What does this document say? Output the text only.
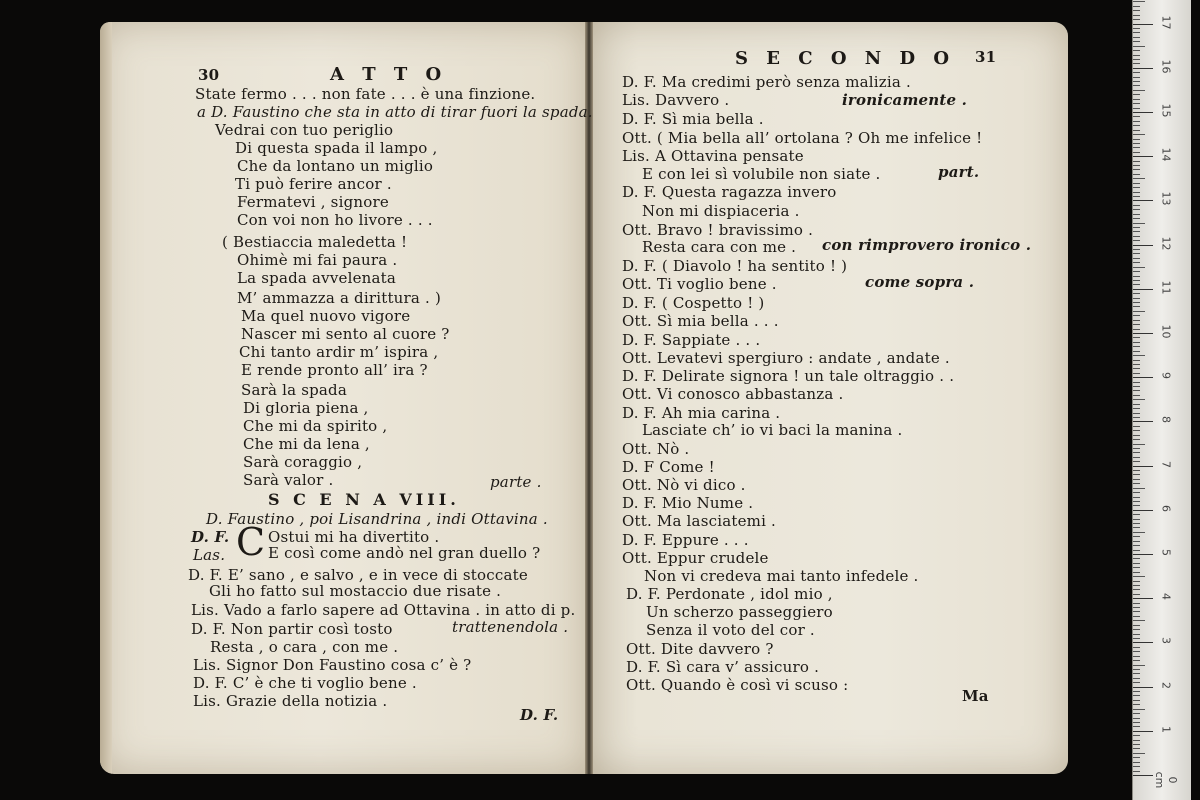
30	A T T O
State fermo . . . non fate . . . è una finzione.
a D. Faustino che sta in atto di tirar fuori la spada.
Vedrai con tuo periglio
Di questa spada il lampo ,
Che da lontano un miglio
Ti può ferire ancor .
Fermatevi , signore
Con voi non ho livore . . .
( Bestiaccia maledetta !
Ohimè mi fai paura .
La spada avvelenata
M’ ammazza a dirittura . )
Ma quel nuovo vigore
Nascer mi sento al cuore ?
Chi tanto ardir m’ ispira ,
E rende pronto all’ ira ?
Sarà la spada
Di gloria piena ,
Che mi da spirito ,
Che mi da lena ,
Sarà coraggio ,
Sarà valor .	parte .
S C E N A VIII.
D. Faustino , poi Lisandrina , indi Ottavina .
D. F. C Ostui mi ha divertito .
Las.	E così come andò nel gran duello ?
D. F. E’ sano , e salvo , e in vece di stoccate
Gli ho fatto sul mostaccio due risate .
Lis. Vado a farlo sapere ad Ottavina . in atto di p.
D. F. Non partir così tosto	trattenendola .
Resta , o cara , con me .
Lis. Signor Don Faustino cosa c’ è ?
D. F. C’ è che ti voglio bene .
Lis. Grazie della notizia .
D. F.
S E C O N D O 31
D. F. Ma credimi però senza malizia .
Lis. Davvero .	ironicamente .
D. F. Sì mia bella .
Ott. ( Mia bella all’ ortolana ? Oh me infelice !
Lis. A Ottavina pensate
E con lei sì volubile non siate .	part.
D. F. Questa ragazza invero
Non mi dispiaceria .
Ott. Bravo ! bravissimo .
Resta cara con me . con rimprovero ironico .
D. F. ( Diavolo ! ha sentito ! )
Ott. Ti voglio bene .	come sopra .
D. F. ( Cospetto ! )
Ott. Sì mia bella . . .
D. F. Sappiate . . .
Ott. Levatevi spergiuro : andate , andate .
D. F. Delirate signora ! un tale oltraggio . .
Ott. Vi conosco abbastanza .
D. F. Ah mia carina .
Lasciate ch’ io vi baci la manina .
Ott. Nò .
D. F Come !
Ott. Nò vi dico .
D. F. Mio Nume .
Ott. Ma lasciatemi .
D. F. Eppure . . .
Ott. Eppur crudele
Non vi credeva mai tanto infedele .
D. F. Perdonate , idol mio ,
Un scherzo passeggiero
Senza il voto del cor .
Ott. Dite davvero ?
D. F. Sì cara v’ assicuro .
Ott. Quando è così vi scuso :
Ma
0 cm
1
2
3
4
5
6
7
8
9
10
11
12
13
14
15
16
17
